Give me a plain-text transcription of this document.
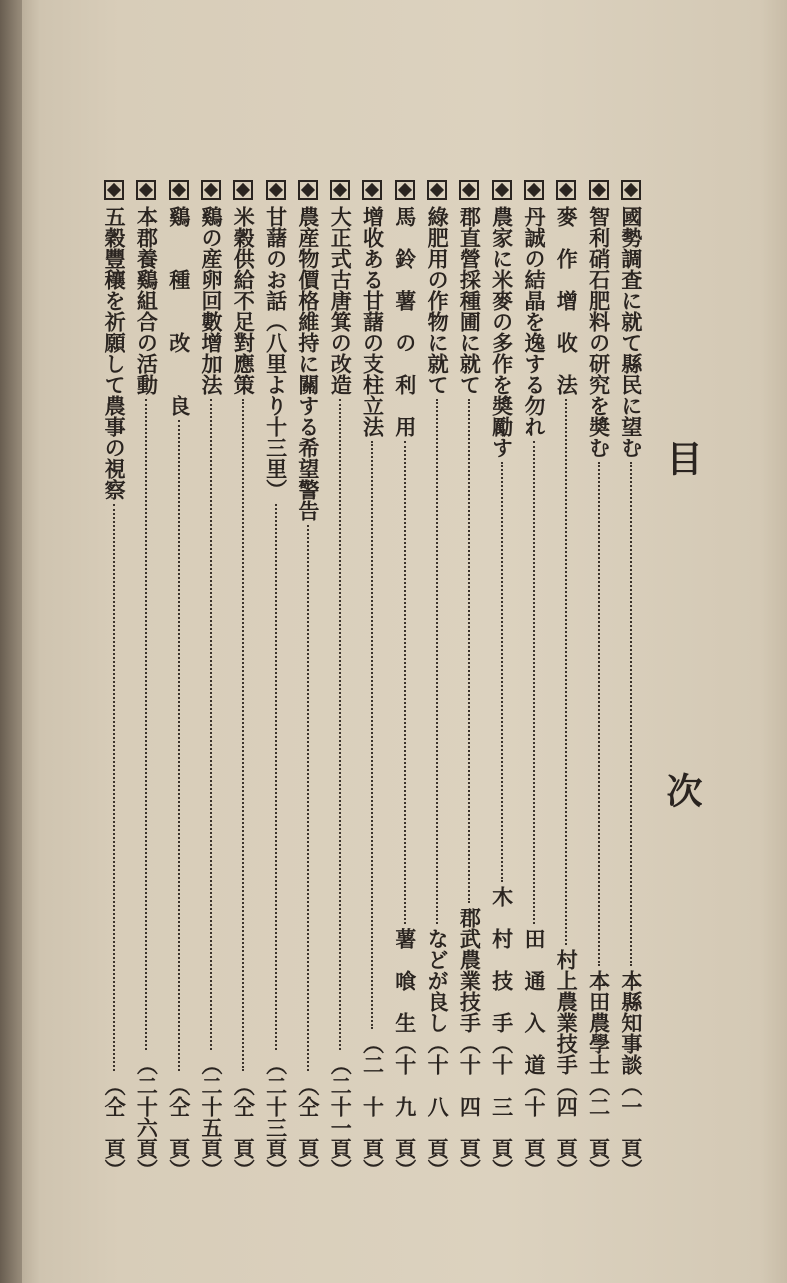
目　次
國勢調査に就て縣民に望む
本縣知事談
（一　頁）
智利硝石肥料の研究を奬む
本田農學士
（二　頁）
麥　作　增　收　法
村上農業技手
（四　頁）
丹誠の結晶を逸する勿れ
田　通　入　道
（十　頁）
農家に米麥の多作を奬勵す
木　村　技　手
（十　三　頁）
郡直營採種圃に就て
郡武農業技手
（十　四　頁）
綠肥用の作物に就て
などが良し
（十　八　頁）
馬　鈴　薯　の　利　用
薯　喰　生
（十　九　頁）
增收ある甘藷の支柱立法
（二　十　頁）
大正式古唐箕の改造
（二十一頁）
農産物價格維持に關する希望警告
（仝　頁）
甘藷のお話（八里より十三里）
（二十三頁）
米穀供給不足對應策
（仝　頁）
鷄の産卵回數增加法
（二十五頁）
鷄　　種　　改　　良
（仝　頁）
本郡養鷄組合の活動
（二十六頁）
五穀豐穰を祈願して農事の視察
（仝　頁）
